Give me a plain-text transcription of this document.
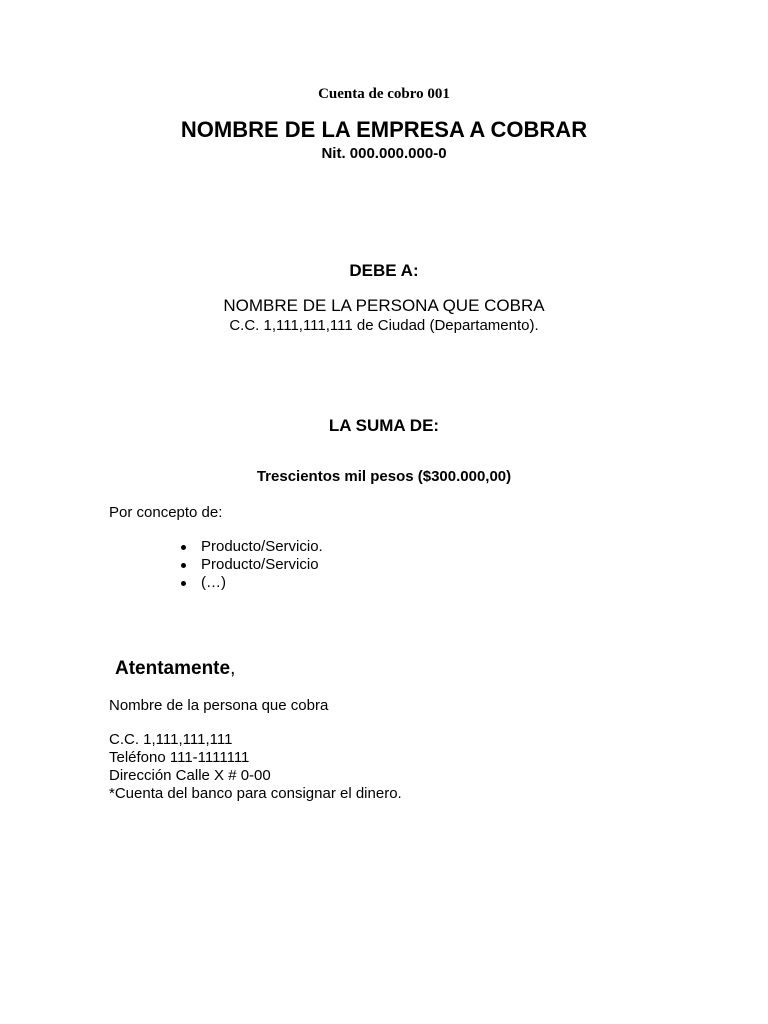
Cuenta de cobro 001
NOMBRE DE LA EMPRESA A COBRAR
Nit. 000.000.000-0
DEBE A:
NOMBRE DE LA PERSONA QUE COBRA
C.C. 1,111,111,111 de Ciudad (Departamento).
LA SUMA DE:
Trescientos mil pesos ($300.000,00)
Por concepto de:
Producto/Servicio.
Producto/Servicio
(…)
Atentamente,
Nombre de la persona que cobra
C.C. 1,111,111,111
Teléfono 111-1111111
Dirección Calle X # 0-00
*Cuenta del banco para consignar el dinero.
